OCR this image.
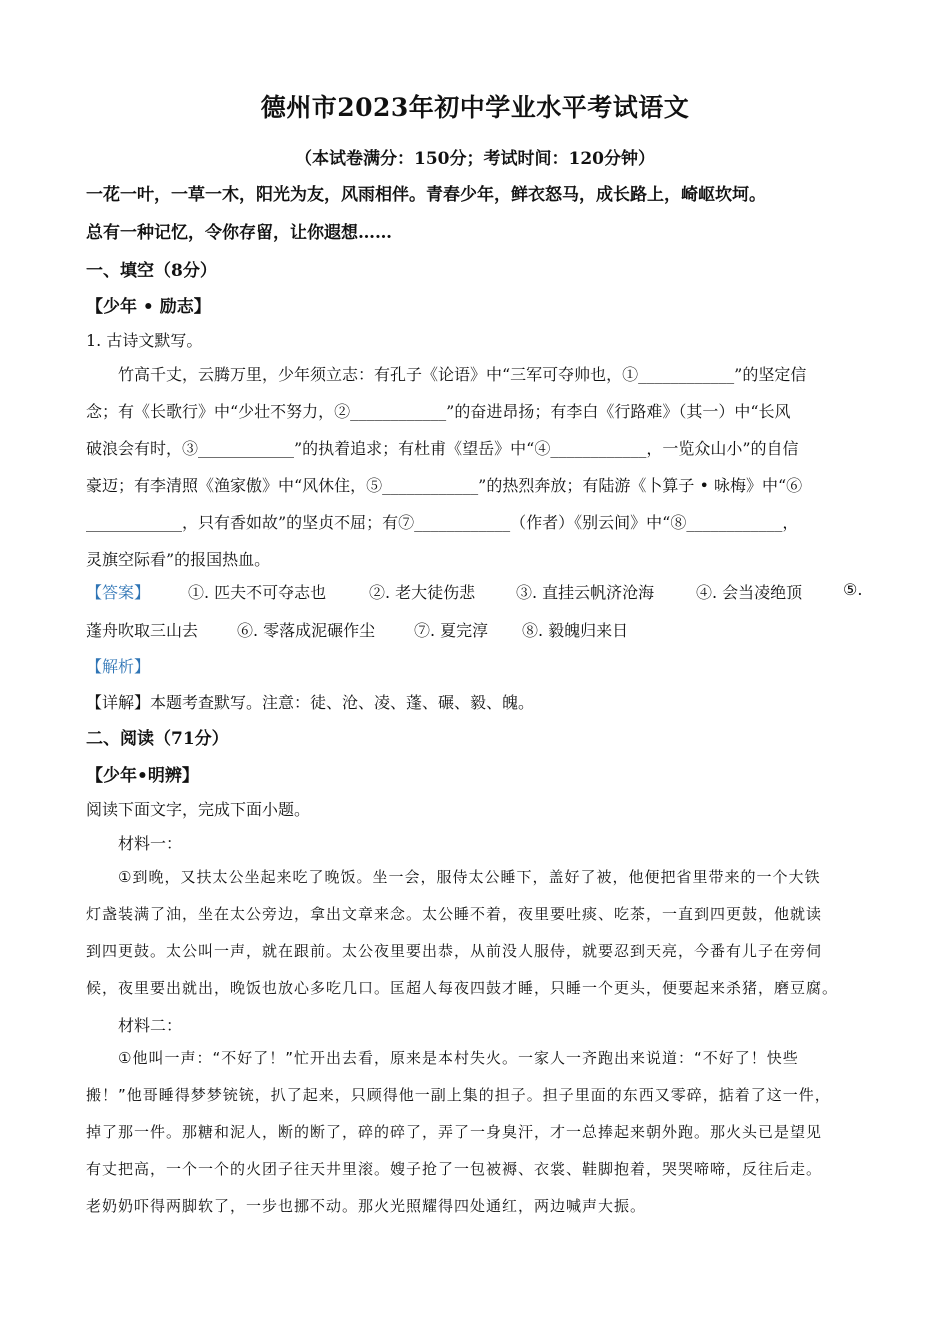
德州市2023年初中学业水平考试语文
（本试卷满分：150分；考试时间：120分钟）
一花一叶，一草一木，阳光为友，风雨相伴。青春少年，鲜衣怒马，成长路上，崎岖坎坷。
总有一种记忆，令你存留，让你遐想……
一、填空（8分）
【少年 • 励志】
1. 古诗文默写。
竹高千丈，云腾万里，少年须立志：有孔子《论语》中“三军可夺帅也，①____________”的坚定信
念；有《长歌行》中“少壮不努力，②____________”的奋进昂扬；有李白《行路难》（其一）中“长风
破浪会有时，③____________”的执着追求；有杜甫《望岳》中“④____________，一览众山小”的自信
豪迈；有李清照《渔家傲》中“风休住，⑤____________”的热烈奔放；有陆游《卜算子 • 咏梅》中“⑥
____________，只有香如故”的坚贞不屈；有⑦____________（作者）《别云间》中“⑧____________，
灵旗空际看”的报国热血。
【答案】 ①. 匹夫不可夺志也	②. 老大徒伤悲	③. 直挂云帆济沧海	④. 会当凌绝顶	⑤.
蓬舟吹取三山去 ⑥. 零落成泥碾作尘 ⑦. 夏完淳 ⑧. 毅魄归来日
【解析】
【详解】本题考查默写。注意：徒、沧、凌、蓬、碾、毅、魄。
二、阅读（71分）
【少年•明辨】
阅读下面文字，完成下面小题。
材料一：
①到晚，又扶太公坐起来吃了晚饭。坐一会，服侍太公睡下，盖好了被，他便把省里带来的一个大铁
灯盏装满了油，坐在太公旁边，拿出文章来念。太公睡不着，夜里要吐痰、吃茶，一直到四更鼓，他就读
到四更鼓。太公叫一声，就在跟前。太公夜里要出恭，从前没人服侍，就要忍到天亮，今番有儿子在旁伺
候，夜里要出就出，晚饭也放心多吃几口。匡超人每夜四鼓才睡，只睡一个更头，便要起来杀猪，磨豆腐。
材料二：
①他叫一声：“不好了！”忙开出去看，原来是本村失火。一家人一齐跑出来说道：“不好了！快些
搬！”他哥睡得梦梦铳铳，扒了起来，只顾得他一副上集的担子。担子里面的东西又零碎，掂着了这一件，
掉了那一件。那糖和泥人，断的断了，碎的碎了，弄了一身臭汗，才一总捧起来朝外跑。那火头已是望见
有丈把高，一个一个的火团子往天井里滚。嫂子抢了一包被褥、衣裳、鞋脚抱着，哭哭啼啼，反往后走。
老奶奶吓得两脚软了，一步也挪不动。那火光照耀得四处通红，两边喊声大振。
